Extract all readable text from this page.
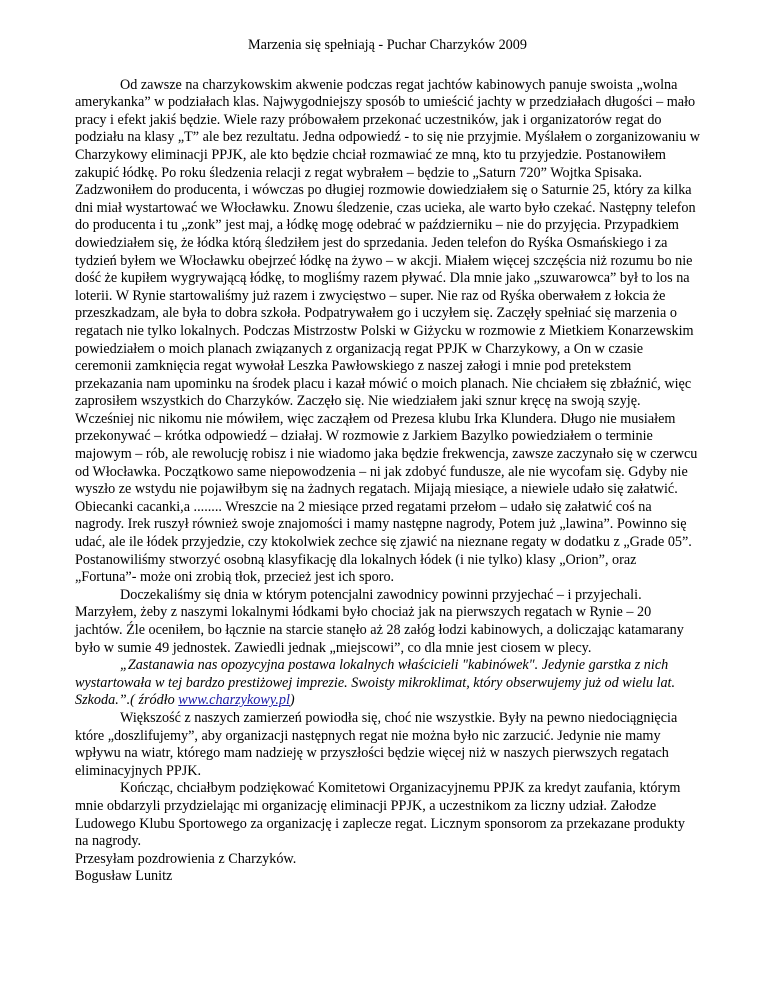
Marzenia się spełniają - Puchar Charzyków 2009

Od zawsze na charzykowskim akwenie podczas regat jachtów kabinowych panuje swoista „wolna amerykanka” w podziałach klas. Najwygodniejszy sposób to umieścić jachty w przedziałach długości – mało pracy i efekt jakiś będzie. Wiele razy próbowałem przekonać uczestników, jak i organizatorów regat do podziału na klasy „T” ale bez rezultatu. Jedna odpowiedź - to się nie przyjmie. Myślałem o zorganizowaniu w Charzykowy eliminacji PPJK, ale kto będzie chciał rozmawiać ze mną, kto tu przyjedzie. Postanowiłem zakupić łódkę. Po roku śledzenia relacji z regat wybrałem – będzie to „Saturn 720” Wojtka Spisaka. Zadzwoniłem do producenta, i wówczas po długiej rozmowie dowiedziałem się o Saturnie 25, który za kilka dni miał wystartować we Włocławku. Znowu śledzenie, czas ucieka, ale warto było czekać. Następny telefon do producenta i tu „zonk” jest maj, a łódkę mogę odebrać w październiku – nie do przyjęcia. Przypadkiem dowiedziałem się, że łódka którą śledziłem jest do sprzedania. Jeden telefon do Ryśka Osmańskiego i za tydzień byłem we Włocławku obejrzeć łódkę na żywo – w akcji. Miałem więcej szczęścia niż rozumu bo nie dość że kupiłem wygrywającą łódkę, to mogliśmy razem pływać. Dla mnie jako „szuwarowca” był to los na loterii. W Rynie startowaliśmy już razem i zwycięstwo – super. Nie raz od Ryśka oberwałem z łokcia że przeszkadzam, ale była to dobra szkoła. Podpatrywałem go i uczyłem się. Zaczęły spełniać się marzenia o regatach nie tylko lokalnych. Podczas Mistrzostw Polski w Giżycku w rozmowie z Mietkiem Konarzewskim powiedziałem o moich planach związanych z organizacją regat PPJK w Charzykowy, a On w czasie ceremonii zamknięcia regat wywołał Leszka Pawłowskiego z naszej załogi i mnie pod pretekstem przekazania nam upominku na środek placu i kazał mówić o moich planach. Nie chciałem się zbłaźnić, więc zaprosiłem wszystkich do Charzyków. Zaczęło się. Nie wiedziałem jaki sznur kręcę na swoją szyję. Wcześniej nic nikomu nie mówiłem, więc zacząłem od Prezesa klubu Irka Klundera. Długo nie musiałem przekonywać – krótka odpowiedź – działaj. W rozmowie z Jarkiem Bazylko powiedziałem o terminie majowym – rób, ale rewolucję robisz i nie wiadomo jaka będzie frekwencja, zawsze zaczynało się w czerwcu od Włocławka. Początkowo same niepowodzenia – ni jak zdobyć fundusze, ale nie wycofam się. Gdyby nie wyszło ze wstydu nie pojawiłbym się na żadnych regatach. Mijają miesiące, a niewiele udało się załatwić. Obiecanki cacanki,a ........ Wreszcie na 2 miesiące przed regatami przełom – udało się załatwić coś na nagrody. Irek ruszył również swoje znajomości i mamy następne nagrody, Potem już „lawina”. Powinno się udać, ale ile łódek przyjedzie, czy ktokolwiek zechce się zjawić na nieznane regaty w dodatku z „Grade 05”. Postanowiliśmy stworzyć osobną klasyfikację dla lokalnych łódek (i nie tylko) klasy „Orion”, oraz „Fortuna”- może oni zrobią tłok, przecież jest ich sporo.

Doczekaliśmy się dnia w którym potencjalni zawodnicy powinni przyjechać – i przyjechali. Marzyłem, żeby z naszymi lokalnymi łódkami było chociaż jak na pierwszych regatach w Rynie – 20 jachtów. Źle oceniłem, bo łącznie na starcie stanęło aż 28 załóg łodzi kabinowych, a doliczając katamarany było w sumie 49 jednostek. Zawiedli jednak „miejscowi”, co dla mnie jest ciosem w plecy.

„Zastanawia nas opozycyjna postawa lokalnych właścicieli "kabinówek". Jedynie garstka z nich wystartowała w tej bardzo prestiżowej imprezie. Swoisty mikroklimat, który obserwujemy już od wielu lat. Szkoda.”.( źródło www.charzykowy.pl)

Większość z naszych zamierzeń powiodła się, choć nie wszystkie. Były na pewno niedociągnięcia które „doszlifujemy”, aby organizacji następnych regat nie można było nic zarzucić. Jedynie nie mamy wpływu na wiatr, którego mam nadzieję w przyszłości będzie więcej niż w naszych pierwszych regatach eliminacyjnych PPJK.

Kończąc, chciałbym podziękować Komitetowi Organizacyjnemu PPJK za kredyt zaufania, którym mnie obdarzyli przydzielając mi organizację eliminacji PPJK, a uczestnikom za liczny udział. Załodze Ludowego Klubu Sportowego za organizację i zaplecze regat. Licznym sponsorom za przekazane produkty na nagrody.

Przesyłam pozdrowienia z Charzyków.

Bogusław Lunitz
